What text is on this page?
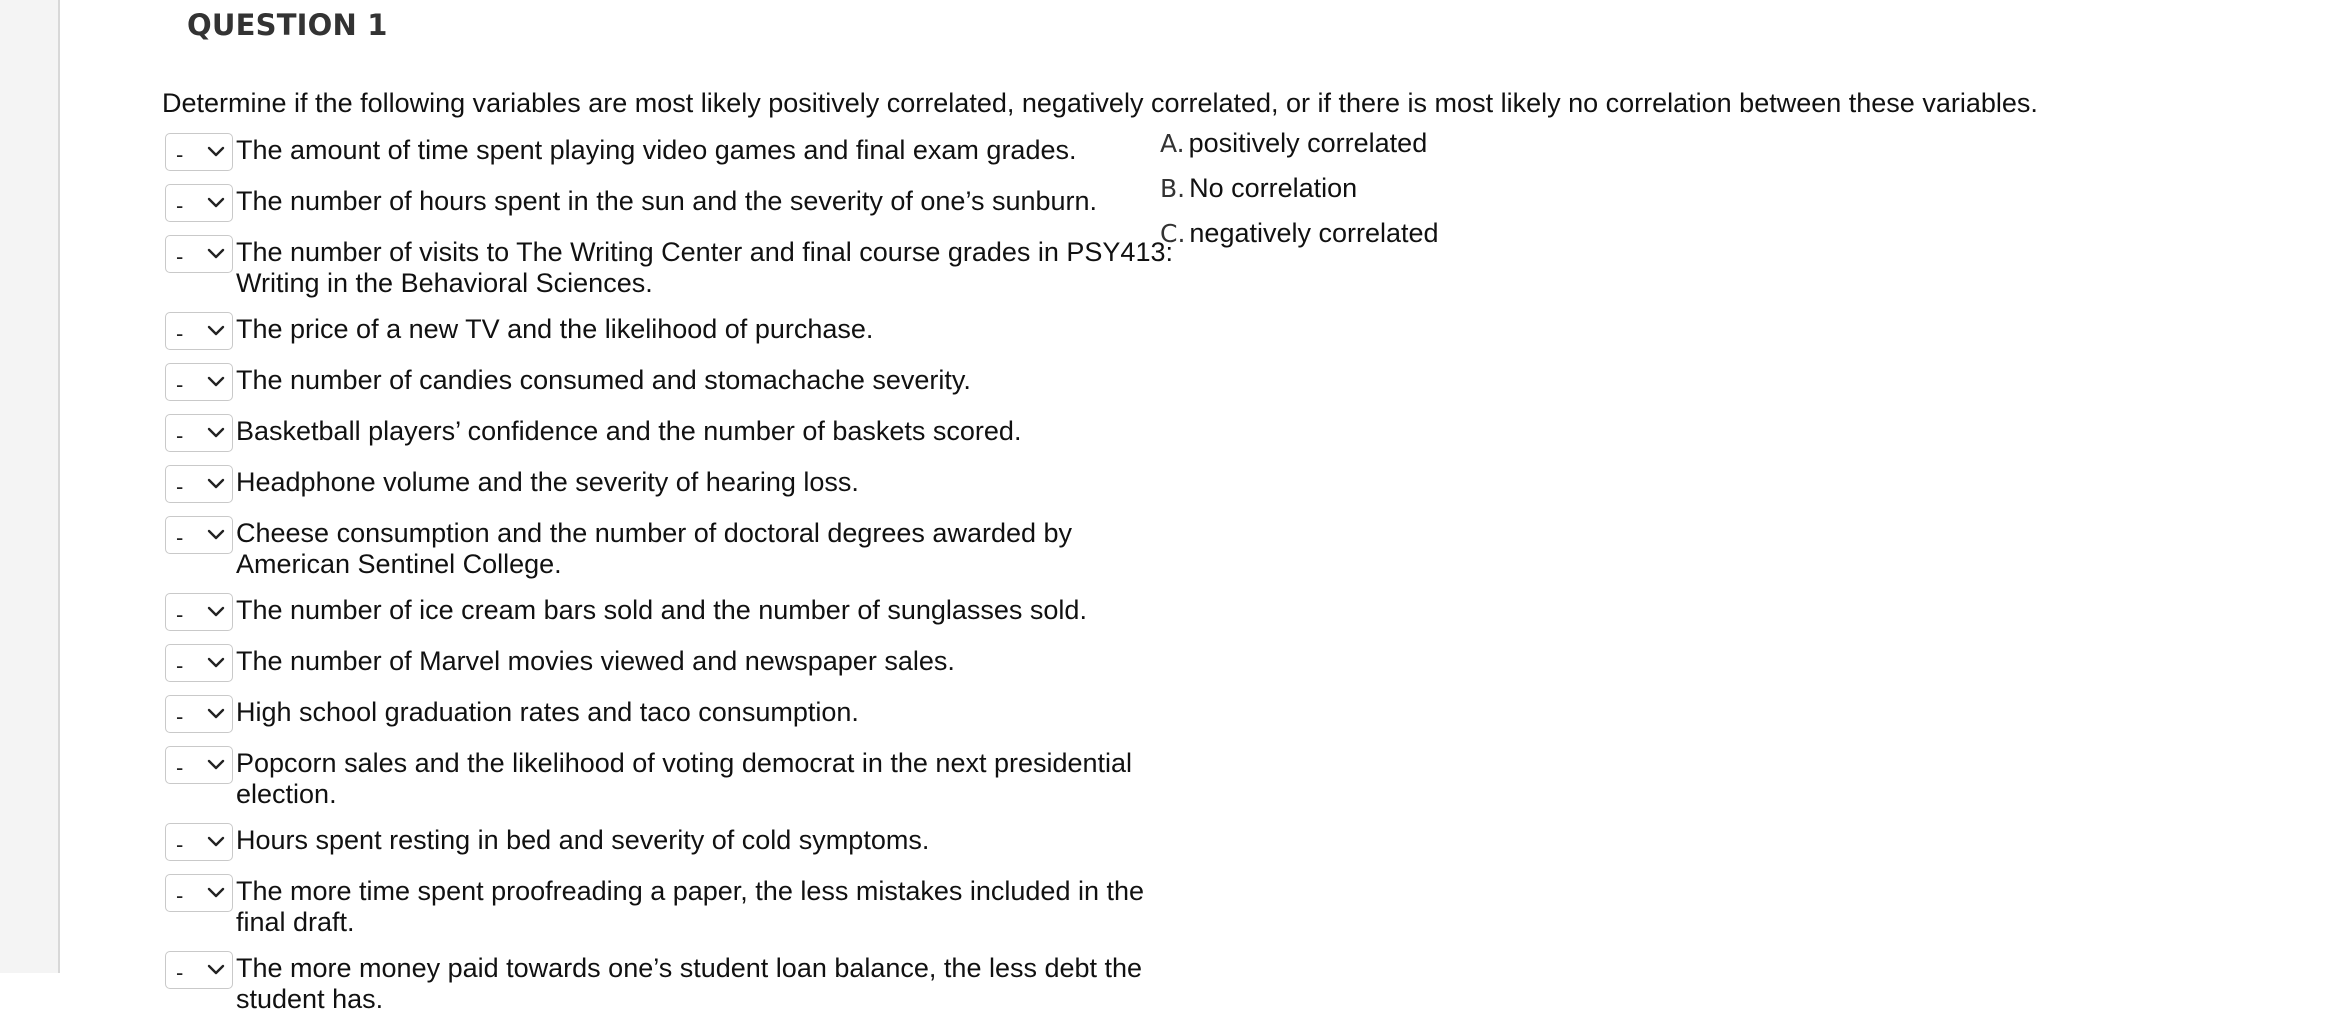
QUESTION 1
Determine if the following variables are most likely positively correlated, negatively correlated, or if there is most likely no correlation between these variables.
- The amount of time spent playing video games and final exam grades.
- The number of hours spent in the sun and the severity of one’s sunburn.
- The number of visits to The Writing Center and final course grades in PSY413: Writing in the Behavioral Sciences.
- The price of a new TV and the likelihood of purchase.
- The number of candies consumed and stomachache severity.
- Basketball players’ confidence and the number of baskets scored.
- Headphone volume and the severity of hearing loss.
- Cheese consumption and the number of doctoral degrees awarded by American Sentinel College.
- The number of ice cream bars sold and the number of sunglasses sold.
- The number of Marvel movies viewed and newspaper sales.
- High school graduation rates and taco consumption.
- Popcorn sales and the likelihood of voting democrat in the next presidential election.
- Hours spent resting in bed and severity of cold symptoms.
- The more time spent proofreading a paper, the less mistakes included in the final draft.
- The more money paid towards one’s student loan balance, the less debt the student has.
A. positively correlated
B. No correlation
C. negatively correlated
